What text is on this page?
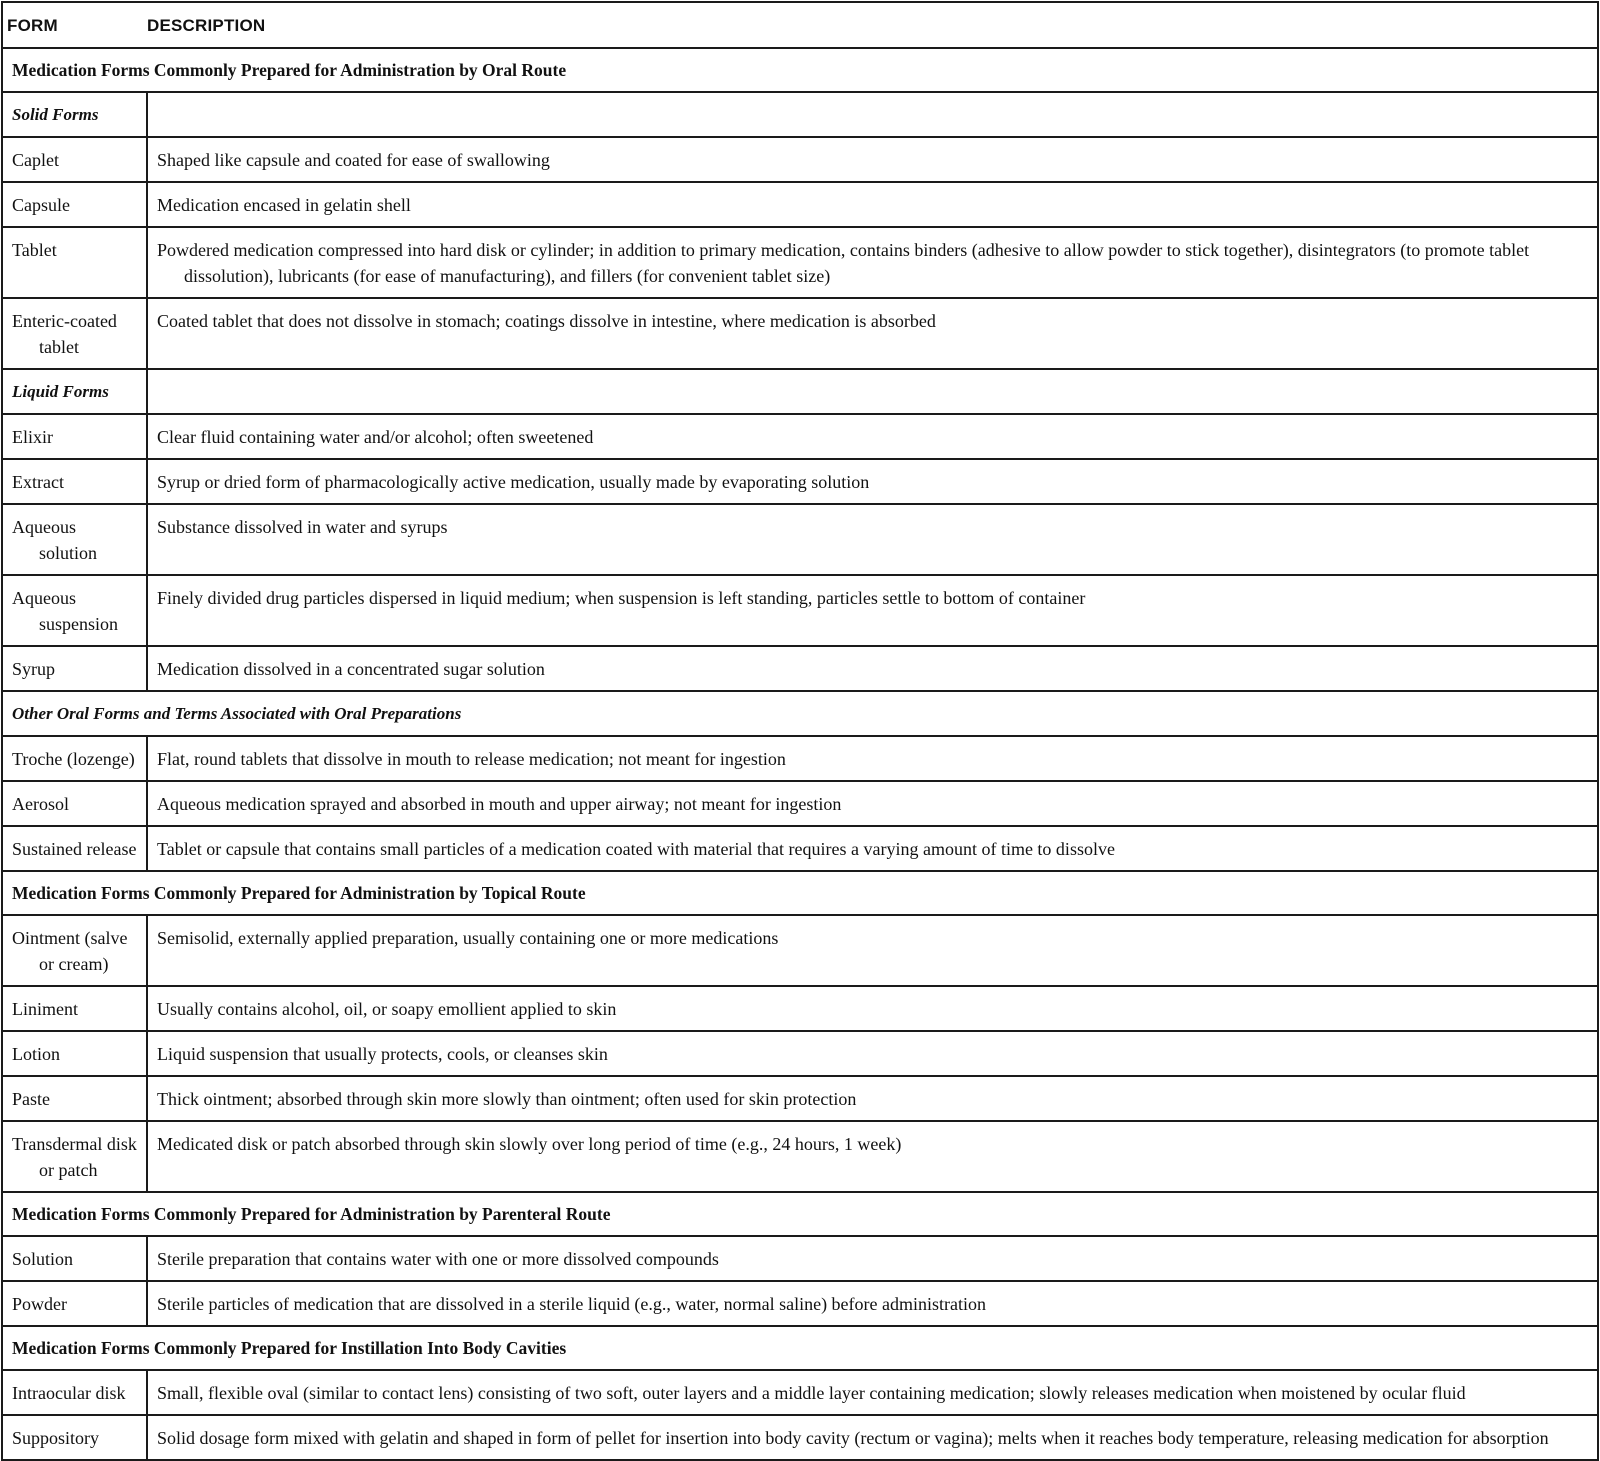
FORM	DESCRIPTION
Medication Forms Commonly Prepared for Administration by Oral Route	
Solid Forms	

Caplet	Shaped like capsule and coated for ease of swallowing

Capsule	Medication encased in gelatin shell

Tablet	Powdered medication compressed into hard disk or cylinder; in addition to primary medication, contains binders (adhesive to allow powder to stick together), disintegrators (to promote tablet dissolution), lubricants (for ease of manufacturing), and fillers (for convenient tablet size)

Enteric-coated tablet	Coated tablet that does not dissolve in stomach; coatings dissolve in intestine, where medication is absorbed

Liquid Forms	

Elixir	Clear fluid containing water and/or alcohol; often sweetened

Extract	Syrup or dried form of pharmacologically active medication, usually made by evaporating solution

Aqueous solution	Substance dissolved in water and syrups

Aqueous suspension	Finely divided drug particles dispersed in liquid medium; when suspension is left standing, particles settle to bottom of container

Syrup	Medication dissolved in a concentrated sugar solution

Other Oral Forms and Terms Associated with Oral Preparations	

Troche (lozenge)	Flat, round tablets that dissolve in mouth to release medication; not meant for ingestion

Aerosol	Aqueous medication sprayed and absorbed in mouth and upper airway; not meant for ingestion

Sustained release	Tablet or capsule that contains small particles of a medication coated with material that requires a varying amount of time to dissolve

Medication Forms Commonly Prepared for Administration by Topical Route	

Ointment (salve or cream)	Semisolid, externally applied preparation, usually containing one or more medications

Liniment	Usually contains alcohol, oil, or soapy emollient applied to skin

Lotion	Liquid suspension that usually protects, cools, or cleanses skin

Paste	Thick ointment; absorbed through skin more slowly than ointment; often used for skin protection

Transdermal disk or patch	Medicated disk or patch absorbed through skin slowly over long period of time (e.g., 24 hours, 1 week)

Medication Forms Commonly Prepared for Administration by Parenteral Route	

Solution	Sterile preparation that contains water with one or more dissolved compounds

Powder	Sterile particles of medication that are dissolved in a sterile liquid (e.g., water, normal saline) before administration

Medication Forms Commonly Prepared for Instillation Into Body Cavities	

Intraocular disk	Small, flexible oval (similar to contact lens) consisting of two soft, outer layers and a middle layer containing medication; slowly releases medication when moistened by ocular fluid

Suppository	Solid dosage form mixed with gelatin and shaped in form of pellet for insertion into body cavity (rectum or vagina); melts when it reaches body temperature, releasing medication for absorption
